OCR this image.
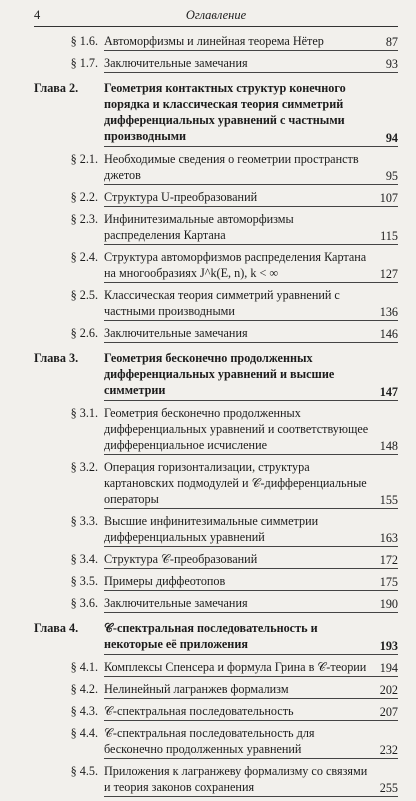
4	Оглавление
§ 1.6. Автоморфизмы и линейная теорема Нётер	87
§ 1.7. Заключительные замечания	93
Глава 2.	Геометрия контактных структур конечного порядка и классическая теория симметрий дифференциальных уравнений с частными производными	94
§ 2.1. Необходимые сведения о геометрии пространств джетов	95
§ 2.2. Структура U-преобразований	107
§ 2.3. Инфинитезимальные автоморфизмы распределения Картана	115
§ 2.4. Структура автоморфизмов распределения Картана на многообразиях J^k(E, n), k < ∞	127
§ 2.5. Классическая теория симметрий уравнений с частными производными	136
§ 2.6. Заключительные замечания	146
Глава 3.	Геометрия бесконечно продолженных дифференциальных уравнений и высшие симметрии	147
§ 3.1. Геометрия бесконечно продолженных дифференциальных уравнений и соответствующее дифференциальное исчисление	148
§ 3.2. Операция горизонтализации, структура картановских подмодулей и 𝒞-дифференциальные операторы	155
§ 3.3. Высшие инфинитезимальные симметрии дифференциальных уравнений	163
§ 3.4. Структура 𝒞-преобразований	172
§ 3.5. Примеры диффеотопов	175
§ 3.6. Заключительные замечания	190
Глава 4.	𝒞-спектральная последовательность и некоторые её приложения	193
§ 4.1. Комплексы Спенсера и формула Грина в 𝒞-теории 194
§ 4.2. Нелинейный лагранжев формализм	202
§ 4.3. 𝒞-спектральная последовательность	207
§ 4.4. 𝒞-спектральная последовательность для бесконечно продолженных уравнений	232
§ 4.5. Приложения к лагранжеву формализму со связями и теория законов сохранения	255
